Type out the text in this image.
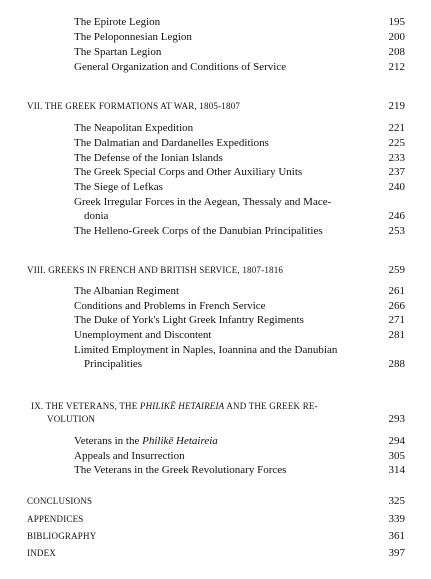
The Epirote Legion	195
The Peloponnesian Legion	200
The Spartan Legion	208
General Organization and Conditions of Service	212
VII. THE GREEK FORMATIONS AT WAR, 1805-1807	219
The Neapolitan Expedition	221
The Dalmatian and Dardanelles Expeditions	225
The Defense of the Ionian Islands	233
The Greek Special Corps and Other Auxiliary Units	237
The Siege of Lefkas	240
Greek Irregular Forces in the Aegean, Thessaly and Mace-
donia	246
The Helleno-Greek Corps of the Danubian Principalities	253
VIII. GREEKS IN FRENCH AND BRITISH SERVICE, 1807-1816	259
The Albanian Regiment	261
Conditions and Problems in French Service	266
The Duke of York's Light Greek Infantry Regiments	271
Unemployment and Discontent	281
Limited Employment in Naples, Ioannina and the Danubian
Principalities	288
IX. THE VETERANS, THE PHILIKĒ HETAIREIA AND THE GREEK RE-
VOLUTION	293
Veterans in the Philikē Hetaireia	294
Appeals and Insurrection	305
The Veterans in the Greek Revolutionary Forces	314
CONCLUSIONS	325
APPENDICES	339
BIBLIOGRAPHY	361
INDEX	397
